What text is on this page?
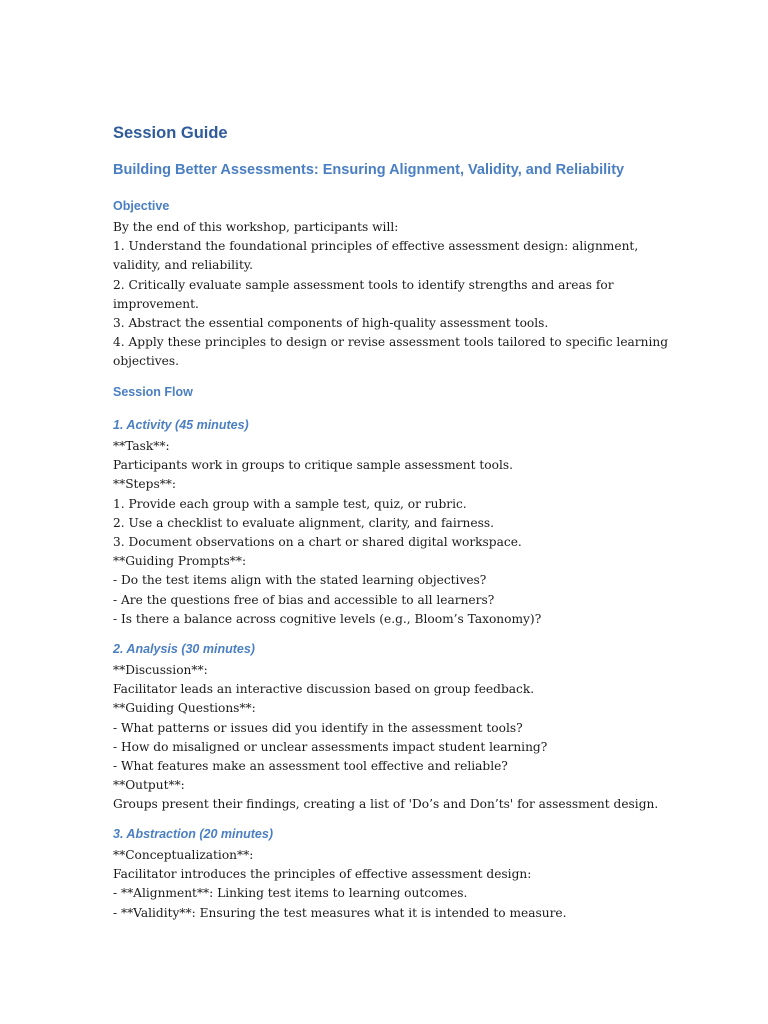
Session Guide
Building Better Assessments: Ensuring Alignment, Validity, and Reliability
Objective
By the end of this workshop, participants will:
1. Understand the foundational principles of effective assessment design: alignment,
validity, and reliability.
2. Critically evaluate sample assessment tools to identify strengths and areas for
improvement.
3. Abstract the essential components of high-quality assessment tools.
4. Apply these principles to design or revise assessment tools tailored to specific learning
objectives.
Session Flow
1. Activity (45 minutes)
**Task**:
Participants work in groups to critique sample assessment tools.
**Steps**:
1. Provide each group with a sample test, quiz, or rubric.
2. Use a checklist to evaluate alignment, clarity, and fairness.
3. Document observations on a chart or shared digital workspace.
**Guiding Prompts**:
- Do the test items align with the stated learning objectives?
- Are the questions free of bias and accessible to all learners?
- Is there a balance across cognitive levels (e.g., Bloom’s Taxonomy)?
2. Analysis (30 minutes)
**Discussion**:
Facilitator leads an interactive discussion based on group feedback.
**Guiding Questions**:
- What patterns or issues did you identify in the assessment tools?
- How do misaligned or unclear assessments impact student learning?
- What features make an assessment tool effective and reliable?
**Output**:
Groups present their findings, creating a list of 'Do’s and Don’ts' for assessment design.
3. Abstraction (20 minutes)
**Conceptualization**:
Facilitator introduces the principles of effective assessment design:
- **Alignment**: Linking test items to learning outcomes.
- **Validity**: Ensuring the test measures what it is intended to measure.
